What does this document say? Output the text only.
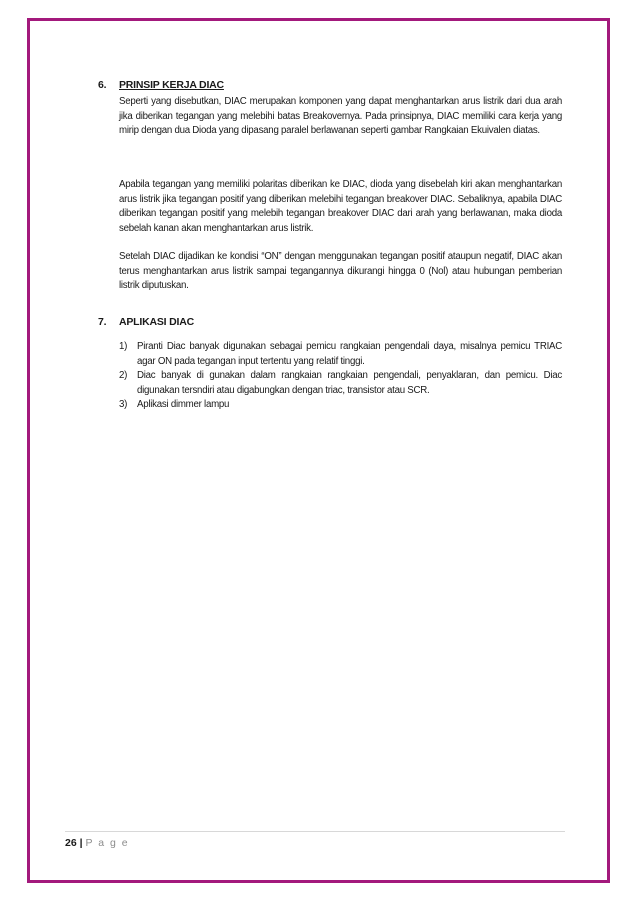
6. PRINSIP KERJA DIAC

Seperti yang disebutkan, DIAC merupakan komponen yang dapat menghantarkan arus listrik dari dua arah jika diberikan tegangan yang melebihi batas Breakovernya. Pada prinsipnya, DIAC memiliki cara kerja yang mirip dengan dua Dioda yang dipasang paralel berlawanan seperti gambar Rangkaian Ekuivalen diatas.

Apabila tegangan yang memiliki polaritas diberikan ke DIAC, dioda yang disebelah kiri akan menghantarkan arus listrik jika tegangan positif yang diberikan melebihi tegangan breakover DIAC. Sebaliknya, apabila DIAC diberikan tegangan positif yang melebih tegangan breakover DIAC dari arah yang berlawanan, maka dioda sebelah kanan akan menghantarkan arus listrik.

Setelah DIAC dijadikan ke kondisi “ON” dengan menggunakan tegangan positif ataupun negatif, DIAC akan terus menghantarkan arus listrik sampai tegangannya dikurangi hingga 0 (Nol) atau hubungan pemberian listrik diputuskan.

7. APLIKASI DIAC
1) Piranti Diac banyak digunakan sebagai pemicu rangkaian pengendali daya, misalnya pemicu TRIAC agar ON pada tegangan input tertentu yang relatif tinggi.
2) Diac banyak di gunakan dalam rangkaian rangkaian pengendali, penyaklaran, dan pemicu. Diac digunakan tersndiri atau digabungkan dengan triac, transistor atau SCR.
3) Aplikasi dimmer lampu
26 | P a g e
